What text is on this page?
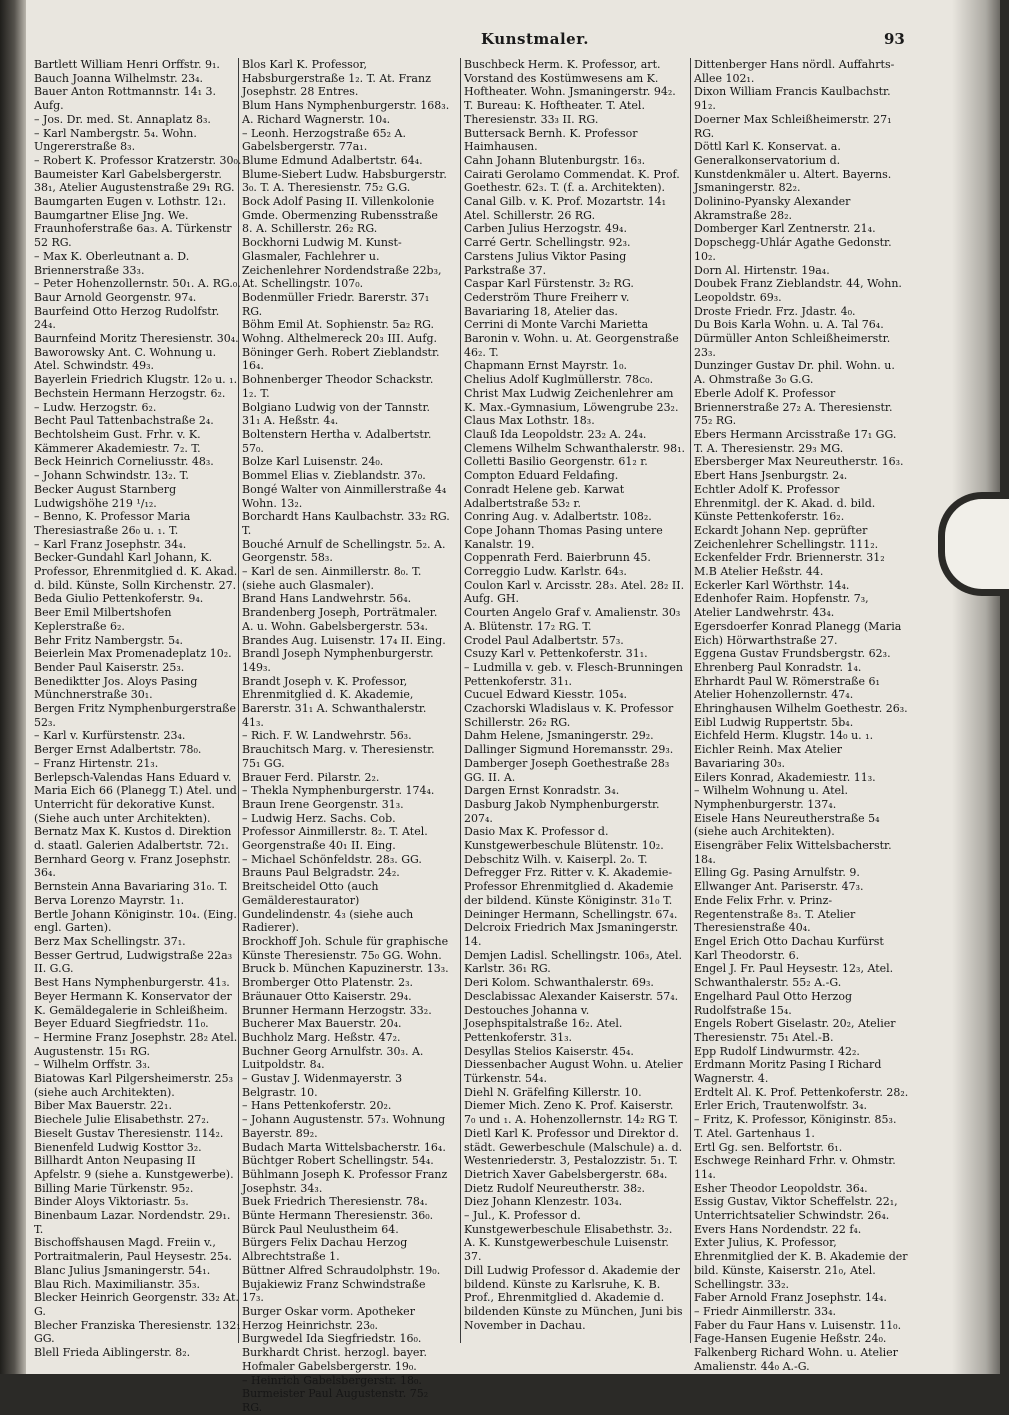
Kunstmaler.	93

Bartlett William Henri Orffstr. 9₁.

Bauch Joanna Wilhelmstr. 23₄.

Bauer Anton Rottmannstr. 14₁ 3. Aufg.

– Jos. Dr. med. St. Annaplatz 8₃.

– Karl Nambergstr. 5₄. Wohn. Ungererstraße 8₃.

– Robert K. Professor Kratzerstr. 30₀.

Baumeister Karl Gabelsbergerstr. 38₁, Atelier Augustenstraße 29₁ RG.

Baumgarten Eugen v. Lothstr. 12₁.

Baumgartner Elise Jng. We. Fraunhoferstraße 6a₃. A. Türkenstr 52 RG.

– Max K. Oberleutnant a. D. Briennerstraße 33₃.

– Peter Hohenzollernstr. 50₁. A. RG.₀.

Baur Arnold Georgenstr. 97₄.

Baurfeind Otto Herzog Rudolfstr. 24₄.

Baurnfeind Moritz Theresienstr. 30₄.

Baworowsky Ant. C. Wohnung u. Atel. Schwindstr. 49₃.

Bayerlein Friedrich Klugstr. 12₀ u. ₁.

Bechstein Hermann Herzogstr. 6₂.

– Ludw. Herzogstr. 6₂.

Becht Paul Tattenbachstraße 2₄.

Bechtolsheim Gust. Frhr. v. K. Kämmerer Akademiestr. 7₂. T.

Beck Heinrich Corneliusstr. 48₃.

– Johann Schwindstr. 13₂. T.

Becker August Starnberg Ludwigshöhe 219 ¹/₁₂.

– Benno, K. Professor Maria Theresiastraße 26₀ u. ₁. T.

– Karl Franz Josephstr. 34₄.

Becker-Gundahl Karl Johann, K. Professor, Ehrenmitglied d. K. Akad. d. bild. Künste, Solln Kirchenstr. 27.

Beda Giulio Pettenkoferstr. 9₄.

Beer Emil Milbertshofen Keplerstraße 6₂.

Behr Fritz Nambergstr. 5₄.

Beierlein Max Promenadeplatz 10₂.

Bender Paul Kaiserstr. 25₃.

Benediktter Jos. Aloys Pasing Münchnerstraße 30₁.

Bergen Fritz Nymphenburgerstraße 52₃.

– Karl v. Kurfürstenstr. 23₄.

Berger Ernst Adalbertstr. 78₀.

– Franz Hirtenstr. 21₃.

Berlepsch-Valendas Hans Eduard v. Maria Eich 66 (Planegg T.) Atel. und Unterricht für dekorative Kunst. (Siehe auch unter Architekten).

Bernatz Max K. Kustos d. Direktion d. staatl. Galerien Adalbertstr. 72₁.

Bernhard Georg v. Franz Josephstr. 36₄.

Bernstein Anna Bavariaring 31₀. T.

Berva Lorenzo Mayrstr. 1₁.

Bertle Johann Königinstr. 10₄. (Eing. engl. Garten).

Berz Max Schellingstr. 37₁.

Besser Gertrud, Ludwigstraße 22a₃ II. G.G.

Best Hans Nymphenburgerstr. 41₃.

Beyer Hermann K. Konservator der K. Gemäldegalerie in Schleißheim.

Beyer Eduard Siegfriedstr. 11₀.

– Hermine Franz Josephstr. 28₂ Atel. Augustenstr. 15₁ RG.

– Wilhelm Orffstr. 3₃.

Biatowas Karl Pilgersheimerstr. 25₃ (siehe auch Architekten).

Biber Max Bauerstr. 22₁.

Biechele Julie Elisabethstr. 27₂.

Bieselt Gustav Theresienstr. 114₂.

Bienenfeld Ludwig Kosttor 3₂.

Billhardt Anton Neupasing II Apfelstr. 9 (siehe a. Kunstgewerbe).

Billing Marie Türkenstr. 95₂.

Binder Aloys Viktoriastr. 5₃.

Binenbaum Lazar. Nordendstr. 29₁. T.

Bischoffshausen Magd. Freiin v., Portraitmalerin, Paul Heysestr. 25₄.

Blanc Julius Jsmaningerstr. 54₁.

Blau Rich. Maximilianstr. 35₃.

Blecker Heinrich Georgenstr. 33₂ At. G.

Blecher Franziska Theresienstr. 132₁ GG.

Blell Frieda Aiblingerstr. 8₂.

Blos Karl K. Professor, Habsburgerstraße 1₂. T. At. Franz Josephstr. 28 Entres.

Blum Hans Nymphenburgerstr. 168₃. A. Richard Wagnerstr. 10₄.

– Leonh. Herzogstraße 65₂ A. Gabelsbergerstr. 77a₁.

Blume Edmund Adalbertstr. 64₄.

Blume-Siebert Ludw. Habsburgerstr. 3₀. T. A. Theresienstr. 75₂ G.G.

Bock Adolf Pasing II. Villenkolonie Gmde. Obermenzing Rubensstraße 8. A. Schillerstr. 26₂ RG.

Bockhorni Ludwig M. Kunst-Glasmaler, Fachlehrer u. Zeichenlehrer Nordendstraße 22b₃, At. Schellingstr. 107₀.

Bodenmüller Friedr. Barerstr. 37₁ RG.

Böhm Emil At. Sophienstr. 5a₂ RG. Wohng. Althelmereck 20₃ III. Aufg.

Böninger Gerh. Robert Zieblandstr. 16₄.

Bohnenberger Theodor Schackstr. 1₂. T.

Bolgiano Ludwig von der Tannstr. 31₁ A. Heßstr. 4₄.

Boltenstern Hertha v. Adalbertstr. 57₀.

Bolze Karl Luisenstr. 24₀.

Bommel Elias v. Zieblandstr. 37₀.

Bongé Walter von Ainmillerstraße 4₄ Wohn. 13₂.

Borchardt Hans Kaulbachstr. 33₂ RG. T.

Bouché Arnulf de Schellingstr. 5₂. A. Georgenstr. 58₃.

– Karl de sen. Ainmillerstr. 8₀. T. (siehe auch Glasmaler).

Brand Hans Landwehrstr. 56₄.

Brandenberg Joseph, Porträtmaler. A. u. Wohn. Gabelsbergerstr. 53₄.

Brandes Aug. Luisenstr. 17₄ II. Eing.

Brandl Joseph Nymphenburgerstr. 149₃.

Brandt Joseph v. K. Professor, Ehrenmitglied d. K. Akademie, Barerstr. 31₁ A. Schwanthalerstr. 41₃.

– Rich. F. W. Landwehrstr. 56₃.

Brauchitsch Marg. v. Theresienstr. 75₁ GG.

Brauer Ferd. Pilarstr. 2₂.

– Thekla Nymphenburgerstr. 174₄.

Braun Irene Georgenstr. 31₃.

– Ludwig Herz. Sachs. Cob. Professor Ainmillerstr. 8₂. T. Atel. Georgenstraße 40₁ II. Eing.

– Michael Schönfeldstr. 28₃. GG.

Brauns Paul Belgradstr. 24₂.

Breitscheidel Otto (auch Gemälderestaurator) Gundelindenstr. 4₃ (siehe auch Radierer).

Brockhoff Joh. Schule für graphische Künste Theresienstr. 75₀ GG. Wohn. Bruck b. München Kapuzinerstr. 13₃.

Bromberger Otto Platenstr. 2₃.

Bräunauer Otto Kaiserstr. 29₄.

Brunner Hermann Herzogstr. 33₂.

Bucherer Max Bauerstr. 20₄.

Buchholz Marg. Heßstr. 47₂.

Buchner Georg Arnulfstr. 30₃. A. Luitpoldstr. 8₄.

– Gustav J. Widenmayerstr. 3 Belgrastr. 10.

– Hans Pettenkoferstr. 20₂.

– Johann Augustenstr. 57₃. Wohnung Bayerstr. 89₂.

Budach Marta Wittelsbacherstr. 16₄.

Büchtger Robert Schellingstr. 54₄.

Bühlmann Joseph K. Professor Franz Josephstr. 34₃.

Buek Friedrich Theresienstr. 78₄.

Bünte Hermann Theresienstr. 36₀.

Bürck Paul Neulustheim 64.

Bürgers Felix Dachau Herzog Albrechtstraße 1.

Büttner Alfred Schraudolphstr. 19₀.

Bujakiewiz Franz Schwindstraße 17₃.

Burger Oskar vorm. Apotheker Herzog Heinrichstr. 23₀.

Burgwedel Ida Siegfriedstr. 16₀.

Burkhardt Christ. herzogl. bayer. Hofmaler Gabelsbergerstr. 19₀.

– Heinrich Gabelsbergerstr. 18₀.

Burmeister Paul Augustenstr. 75₂ RG.

Buschbeck Herm. K. Professor, art. Vorstand des Kostümwesens am K. Hoftheater. Wohn. Jsmaningerstr. 94₂. T. Bureau: K. Hoftheater. T. Atel. Theresienstr. 33₃ II. RG.

Buttersack Bernh. K. Professor Haimhausen.

Cahn Johann Blutenburgstr. 16₃.

Cairati Gerolamo Commendat. K. Prof. Goethestr. 62₃. T. (f. a. Architekten).

Canal Gilb. v. K. Prof. Mozartstr. 14₁ Atel. Schillerstr. 26 RG.

Carben Julius Herzogstr. 49₄.

Carré Gertr. Schellingstr. 92₃.

Carstens Julius Viktor Pasing Parkstraße 37.

Caspar Karl Fürstenstr. 3₂ RG.

Cederström Thure Freiherr v. Bavariaring 18, Atelier das.

Cerrini di Monte Varchi Marietta Baronin v. Wohn. u. At. Georgenstraße 46₂. T.

Chapmann Ernst Mayrstr. 1₀.

Chelius Adolf Kuglmüllerstr. 78c₀.

Christ Max Ludwig Zeichenlehrer am K. Max.-Gymnasium, Löwengrube 23₂.

Claus Max Lothstr. 18₃.

Clauß Ida Leopoldstr. 23₂ A. 24₄.

Clemens Wilhelm Schwanthalerstr. 98₁.

Colletti Basilio Georgenstr. 61₂ r.

Compton Eduard Feldafing.

Conradt Helene geb. Karwat Adalbertstraße 53₂ r.

Conring Aug. v. Adalbertstr. 108₂.

Cope Johann Thomas Pasing untere Kanalstr. 19.

Coppenrath Ferd. Baierbrunn 45.

Correggio Ludw. Karlstr. 64₃.

Coulon Karl v. Arcisstr. 28₃. Atel. 28₂ II. Aufg. GH.

Courten Angelo Graf v. Amalienstr. 30₃ A. Blütenstr. 17₂ RG. T.

Crodel Paul Adalbertstr. 57₃.

Csuzy Karl v. Pettenkoferstr. 31₁.

– Ludmilla v. geb. v. Flesch-Brunningen Pettenkoferstr. 31₁.

Cucuel Edward Kiesstr. 105₄.

Czachorski Wladislaus v. K. Professor Schillerstr. 26₂ RG.

Dahm Helene, Jsmaningerstr. 29₂.

Dallinger Sigmund Horemansstr. 29₃.

Damberger Joseph Goethestraße 28₃ GG. II. A.

Dargen Ernst Konradstr. 3₄.

Dasburg Jakob Nymphenburgerstr. 207₄.

Dasio Max K. Professor d. Kunstgewerbeschule Blütenstr. 10₂.

Debschitz Wilh. v. Kaiserpl. 2₀. T.

Defregger Frz. Ritter v. K. Akademie-Professor Ehrenmitglied d. Akademie der bildend. Künste Königinstr. 31₀ T.

Deininger Hermann, Schellingstr. 67₄.

Delcroix Friedrich Max Jsmaningerstr. 14.

Demjen Ladisl. Schellingstr. 106₃, Atel. Karlstr. 36₁ RG.

Deri Kolom. Schwanthalerstr. 69₃.

Desclabissac Alexander Kaiserstr. 57₄.

Destouches Johanna v. Josephspitalstraße 16₂. Atel. Pettenkoferstr. 31₃.

Desyllas Stelios Kaiserstr. 45₄.

Diessenbacher August Wohn. u. Atelier Türkenstr. 54₄.

Diehl N. Gräfelfing Killerstr. 10.

Diemer Mich. Zeno K. Prof. Kaiserstr. 7₀ und ₁. A. Hohenzollernstr. 14₂ RG T.

Dietl Karl K. Professor und Direktor d. städt. Gewerbeschule (Malschule) a. d. Westenriederstr. 3, Pestalozzistr. 5₁. T.

Dietrich Xaver Gabelsbergerstr. 68₄.

Dietz Rudolf Neureutherstr. 38₂.

Diez Johann Klenzestr. 103₄.

– Jul., K. Professor d. Kunstgewerbeschule Elisabethstr. 3₂. A. K. Kunstgewerbeschule Luisenstr. 37.

Dill Ludwig Professor d. Akademie der bildend. Künste zu Karlsruhe, K. B. Prof., Ehrenmitglied d. Akademie d. bildenden Künste zu München, Juni bis November in Dachau.

Dittenberger Hans nördl. Auffahrts-Allee 102₁.

Dixon William Francis Kaulbachstr. 91₂.

Doerner Max Schleißheimerstr. 27₁ RG.

Döttl Karl K. Konservat. a. Generalkonservatorium d. Kunstdenkmäler u. Altert. Bayerns. Jsmaningerstr. 82₂.

Dolinino-Pyansky Alexander Akramstraße 28₂.

Domberger Karl Zentnerstr. 21₄.

Dopschegg-Uhlár Agathe Gedonstr. 10₂.

Dorn Al. Hirtenstr. 19a₄.

Doubek Franz Zieblandstr. 44, Wohn. Leopoldstr. 69₃.

Droste Friedr. Frz. Jdastr. 4₀.

Du Bois Karla Wohn. u. A. Tal 76₄.

Dürmüller Anton Schleißheimerstr. 23₃.

Dunzinger Gustav Dr. phil. Wohn. u. A. Ohmstraße 3₀ G.G.

Eberle Adolf K. Professor Briennerstraße 27₂ A. Theresienstr. 75₂ RG.

Ebers Hermann Arcisstraße 17₁ GG. T. A. Theresienstr. 29₃ MG.

Ebersberger Max Neureutherstr. 16₃.

Ebert Hans Jsenburgstr. 2₄.

Echtler Adolf K. Professor Ehrenmitgl. der K. Akad. d. bild. Künste Pettenkoferstr. 16₂.

Eckardt Johann Nep. geprüfter Zeichenlehrer Schellingstr. 111₂.

Eckenfelder Frdr. Briennerstr. 31₂ M.B Atelier Heßstr. 44.

Eckerler Karl Wörthstr. 14₄.

Edenhofer Raim. Hopfenstr. 7₃, Atelier Landwehrstr. 43₄.

Egersdoerfer Konrad Planegg (Maria Eich) Hörwarthstraße 27.

Eggena Gustav Frundsbergstr. 62₃.

Ehrenberg Paul Konradstr. 1₄.

Ehrhardt Paul W. Römerstraße 6₁ Atelier Hohenzollernstr. 47₄.

Ehringhausen Wilhelm Goethestr. 26₃.

Eibl Ludwig Ruppertstr. 5b₄.

Eichfeld Herm. Klugstr. 14₀ u. ₁.

Eichler Reinh. Max Atelier Bavariaring 30₃.

Eilers Konrad, Akademiestr. 11₃.

– Wilhelm Wohnung u. Atel. Nymphenburgerstr. 137₄.

Eisele Hans Neureutherstraße 5₄ (siehe auch Architekten).

Eisengräber Felix Wittelsbacherstr. 18₄.

Elling Gg. Pasing Arnulfstr. 9.

Ellwanger Ant. Pariserstr. 47₃.

Ende Felix Frhr. v. Prinz-Regentenstraße 8₃. T. Atelier Theresienstraße 40₄.

Engel Erich Otto Dachau Kurfürst Karl Theodorstr. 6.

Engel J. Fr. Paul Heysestr. 12₃, Atel. Schwanthalerstr. 55₂ A.-G.

Engelhard Paul Otto Herzog Rudolfstraße 15₄.

Engels Robert Giselastr. 20₂, Atelier Theresienstr. 75₁ Atel.-B.

Epp Rudolf Lindwurmstr. 42₂.

Erdmann Moritz Pasing I Richard Wagnerstr. 4.

Erdtelt Al. K. Prof. Pettenkoferstr. 28₂.

Erler Erich, Trautenwolfstr. 3₄.

– Fritz, K. Professor, Königinstr. 85₃. T. Atel. Gartenhaus 1.

Ertl Gg. sen. Belfortstr. 6₁.

Eschwege Reinhard Frhr. v. Ohmstr. 11₄.

Esher Theodor Leopoldstr. 36₄.

Essig Gustav, Viktor Scheffelstr. 22₁, Unterrichtsatelier Schwindstr. 26₄.

Evers Hans Nordendstr. 22 f₄.

Exter Julius, K. Professor, Ehrenmitglied der K. B. Akademie der bild. Künste, Kaiserstr. 21₀, Atel. Schellingstr. 33₂.

Faber Arnold Franz Josephstr. 14₄.

– Friedr Ainmillerstr. 33₄.

Faber du Faur Hans v. Luisenstr. 11₀.

Fage-Hansen Eugenie Heßstr. 24₀.

Falkenberg Richard Wohn. u. Atelier Amalienstr. 44₀ A.-G.
